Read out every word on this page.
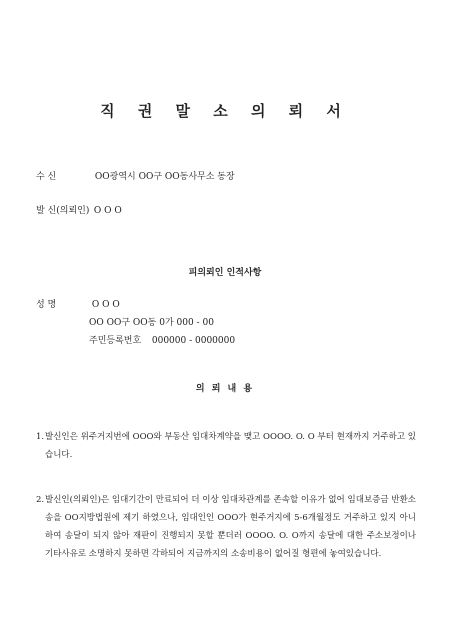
직 권 말 소 의 뢰 서
수 신	OO광역시 OO구 OO동사무소 동장
발 신(의뢰인) O O O
피의뢰인 인적사항
성 명	O O O
OO OO구 OO동 0가 000 - 00
주민등록번호 000000 - 0000000
의 뢰 내 용
1. 발신인은 위주거지번에 OOO와 부동산 임대차계약을 맺고 OOOO. O. O 부터 현재까지 거주하고 있습니다.
2. 발신인(의뢰인)은 임대기간이 만료되어 더 이상 임대차관계를 존속할 이유가 없어 임대보증금 반환소송을 OO지방법원에 제기 하였으나, 임대인인 OOO가 현주거지에 5-6개월정도 거주하고 있지 아니하여 송달이 되지 않아 재판이 진행되지 못할 뿐더러 OOOO. O. O까지 송달에 대한 주소보정이나 기타사유로 소명하지 못하면 각하되어 지금까지의 소송비용이 없어질 형편에 놓여있습니다.
